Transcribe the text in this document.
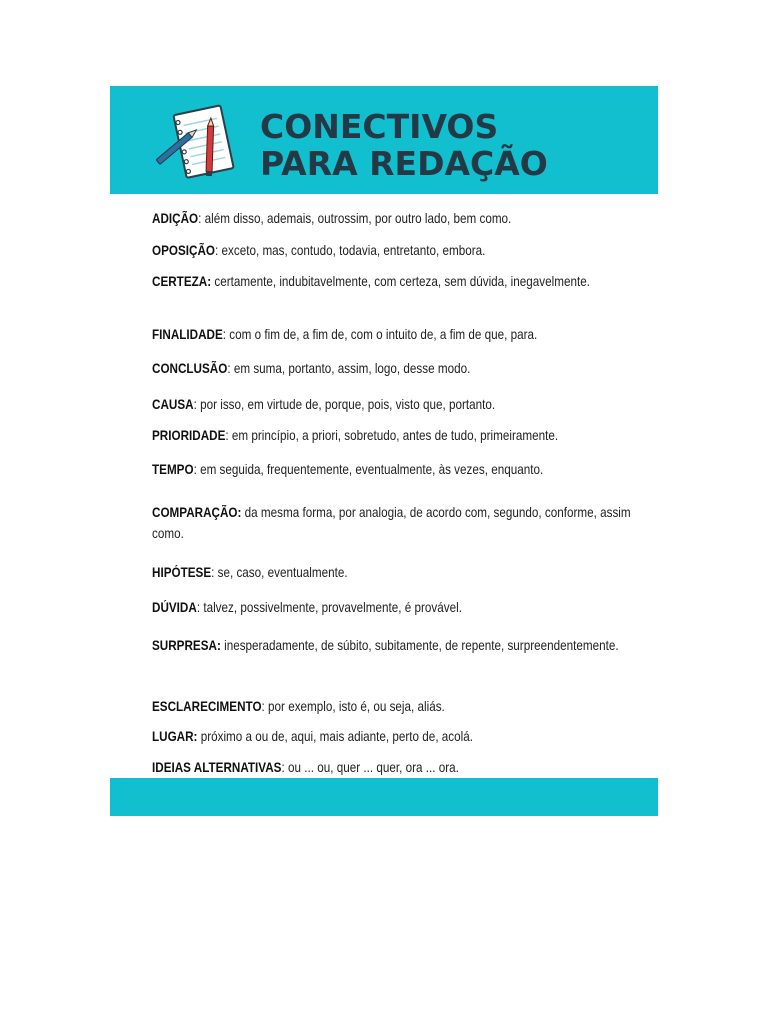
CONECTIVOS
PARA REDAÇÃO
ADIÇÃO: além disso, ademais, outrossim, por outro lado, bem como.
OPOSIÇÃO: exceto, mas, contudo, todavia, entretanto, embora.
CERTEZA: certamente, indubitavelmente, com certeza, sem dúvida, inegavelmente.
FINALIDADE: com o fim de, a fim de, com o intuito de, a fim de que, para.
CONCLUSÃO: em suma, portanto, assim, logo, desse modo.
CAUSA: por isso, em virtude de, porque, pois, visto que, portanto.
PRIORIDADE: em princípio, a priori, sobretudo, antes de tudo, primeiramente.
TEMPO: em seguida, frequentemente, eventualmente, às vezes, enquanto.
COMPARAÇÃO: da mesma forma, por analogia, de acordo com, segundo, conforme, assim como.
HIPÓTESE: se, caso, eventualmente.
DÚVIDA: talvez, possivelmente, provavelmente, é provável.
SURPRESA: inesperadamente, de súbito, subitamente, de repente, surpreendentemente.
ESCLARECIMENTO: por exemplo, isto é, ou seja, aliás.
LUGAR: próximo a ou de, aqui, mais adiante, perto de, acolá.
IDEIAS ALTERNATIVAS: ou ... ou, quer ... quer, ora ... ora.
